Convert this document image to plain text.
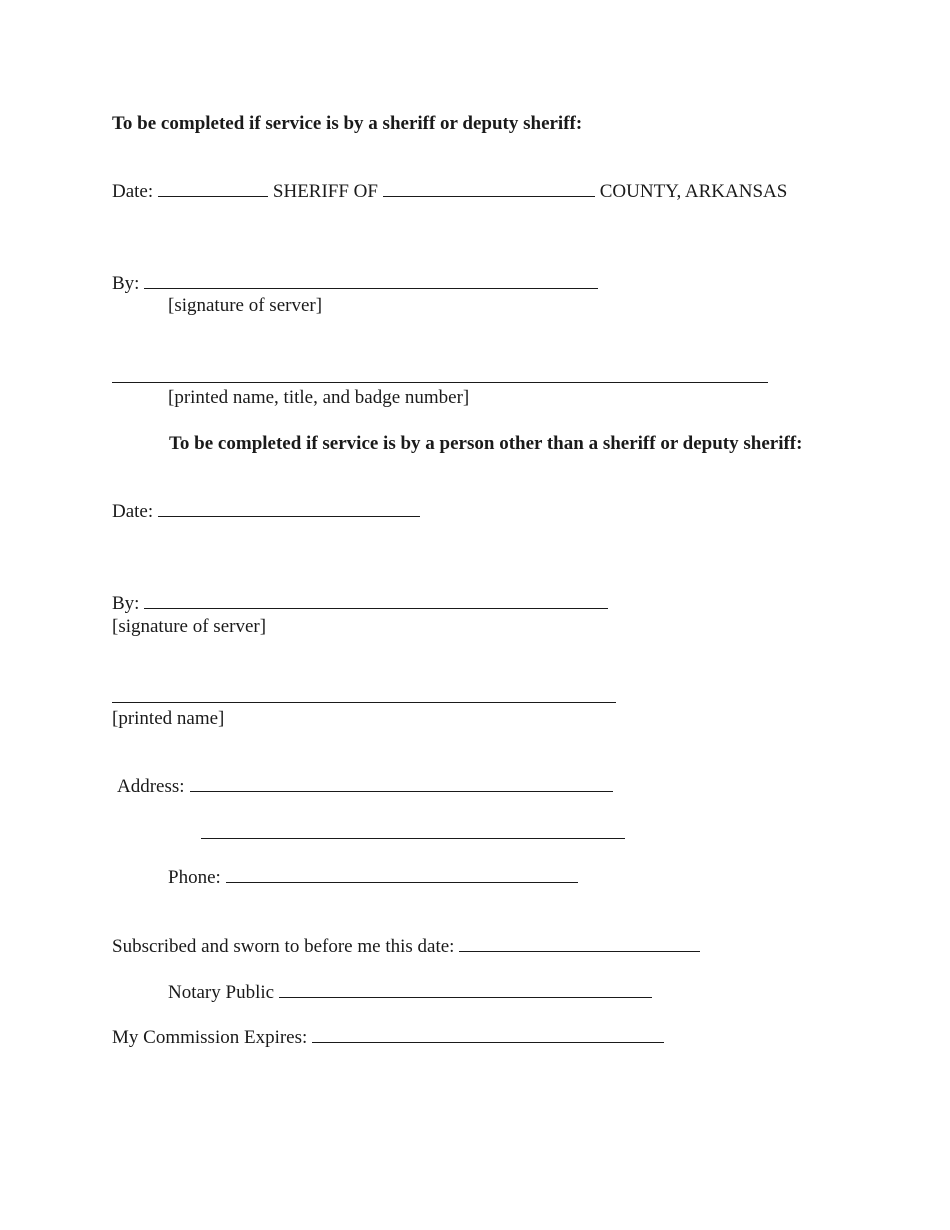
To be completed if service is by a sheriff or deputy sheriff:
Date:	SHERIFF OF	COUNTY, ARKANSAS
By:
[signature of server]
[printed name, title, and badge number]
To be completed if service is by a person other than a sheriff or deputy sheriff:
Date:
By:
[signature of server]
[printed name]
Address:
Phone:
Subscribed and sworn to before me this date:
Notary Public
My Commission Expires:
